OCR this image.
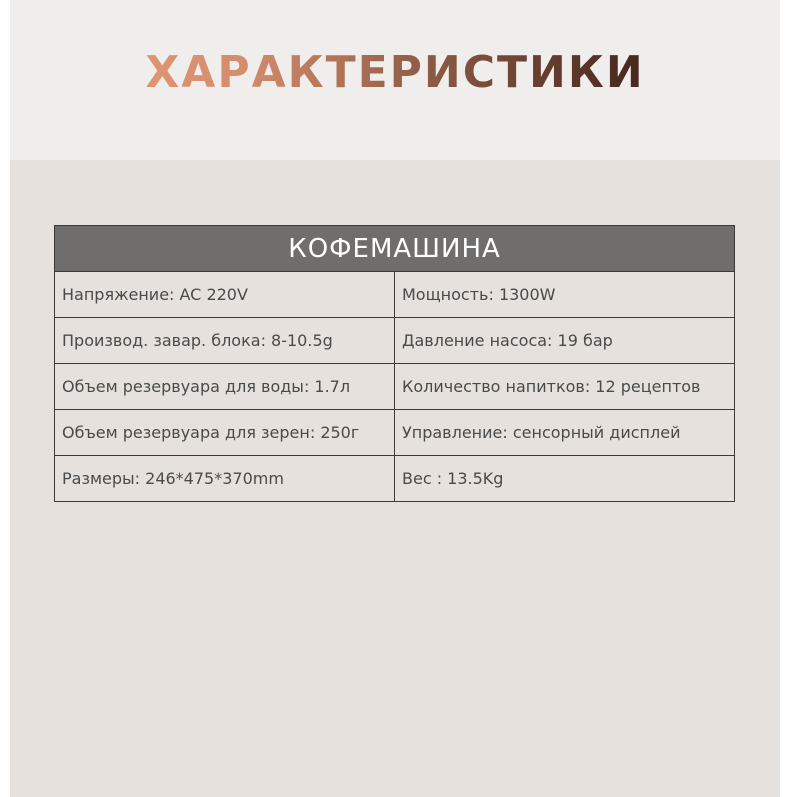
ХАРАКТЕРИСТИКИ
КОФЕМАШИНА	
Напряжение: AC 220V	Мощность: 1300W
Производ. завар. блока: 8-10.5g	Давление насоса: 19 бар
Объем резервуара для воды: 1.7л	Количество напитков: 12 рецептов
Объем резервуара для зерен: 250г	Управление: сенсорный дисплей
Размеры: 246*475*370mm	Вес : 13.5Kg
